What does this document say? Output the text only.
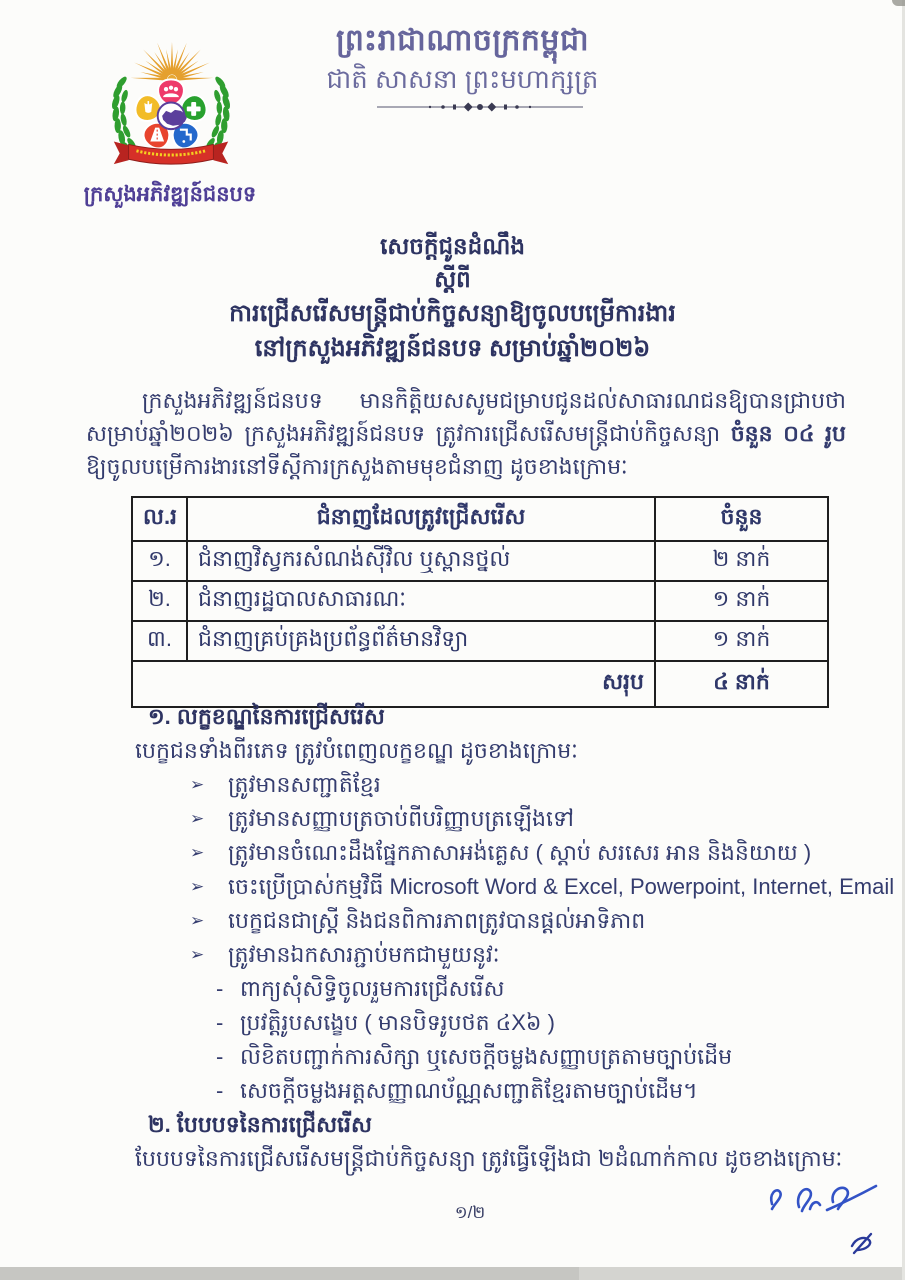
ព្រះរាជាណាចក្រកម្ពុជា
ជាតិ សាសនា ព្រះមហាក្សត្រ
ក្រសួងអភិវឌ្ឍន៍ជនបទ
សេចក្តីជូនដំណឹង
ស្តីពី
ការជ្រើសរើសមន្ត្រីជាប់កិច្ចសន្យាឱ្យចូលបម្រើការងារ
នៅក្រសួងអភិវឌ្ឍន៍ជនបទ សម្រាប់ឆ្នាំ២០២៦

ក្រសួងអភិវឌ្ឍន៍ជនបទ មានកិត្តិយសសូមជម្រាបជូនដល់សាធារណជនឱ្យបានជ្រាបថា សម្រាប់ឆ្នាំ២០២៦ ក្រសួងអភិវឌ្ឍន៍ជនបទ ត្រូវការជ្រើសរើសមន្ត្រីជាប់កិច្ចសន្យា ចំនួន ០៤ រូប ឱ្យចូលបម្រើការងារនៅទីស្តីការក្រសួងតាមមុខជំនាញ ដូចខាងក្រោមៈ

ល.រ	ជំនាញដែលត្រូវជ្រើសរើស	ចំនួន
១.	ជំនាញវិស្វករសំណង់ស៊ីវិល ឬស្ពានថ្នល់	២ នាក់
២.	ជំនាញរដ្ឋបាលសាធារណៈ	១ នាក់
៣.	ជំនាញគ្រប់គ្រងប្រព័ន្ធព័ត៌មានវិទ្យា	១ នាក់
សរុប		៤ នាក់
១. លក្ខខណ្ឌនៃការជ្រើសរើស
បេក្ខជនទាំងពីរភេទ ត្រូវបំពេញលក្ខខណ្ឌ ដូចខាងក្រោមៈ
➢	ត្រូវមានសញ្ជាតិខ្មែរ
➢	ត្រូវមានសញ្ញាបត្រចាប់ពីបរិញ្ញាបត្រឡើងទៅ
➢	ត្រូវមានចំណេះដឹងផ្នែកភាសាអង់គ្លេស ( ស្តាប់ សរសេរ អាន និងនិយាយ )
➢	ចេះប្រើប្រាស់កម្មវិធី Microsoft Word & Excel, Powerpoint, Internet, Email
➢	បេក្ខជនជាស្ត្រី និងជនពិការភាពត្រូវបានផ្តល់អាទិភាព
➢	ត្រូវមានឯកសារភ្ជាប់មកជាមួយនូវៈ
- ពាក្យសុំសិទ្ធិចូលរួមការជ្រើសរើស
- ប្រវត្តិរូបសង្ខេប ( មានបិទរូបថត ៤X៦ )
- លិខិតបញ្ជាក់ការសិក្សា ឬសេចក្តីចម្លងសញ្ញាបត្រតាមច្បាប់ដើម
- សេចក្តីចម្លងអត្តសញ្ញាណប័ណ្ណសញ្ជាតិខ្មែរតាមច្បាប់ដើម។
២. បែបបទនៃការជ្រើសរើស
បែបបទនៃការជ្រើសរើសមន្ត្រីជាប់កិច្ចសន្យា ត្រូវធ្វើឡើងជា ២ដំណាក់កាល ដូចខាងក្រោមៈ
១/២
